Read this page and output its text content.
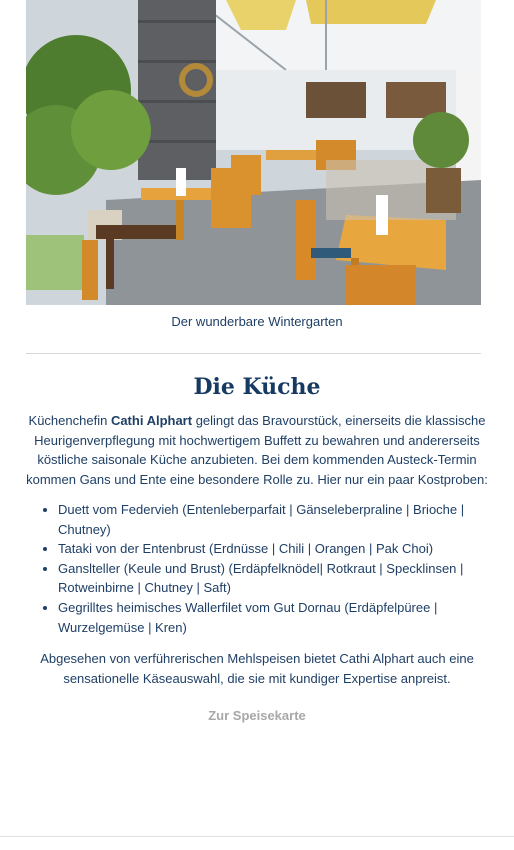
Der wunderbare Wintergarten
Die Küche

Küchenchefin Cathi Alphart gelingt das Bravourstück, einerseits die klassische Heurigenverpflegung mit hochwertigem Buffett zu bewahren und andererseits köstliche saisonale Küche anzubieten. Bei dem kommenden Austeck-Termin kommen Gans und Ente eine besondere Rolle zu. Hier nur ein paar Kostproben:

• Duett vom Federvieh (Entenleberparfait | Gänseleberpraline | Brioche | Chutney)
• Tataki von der Entenbrust (Erdnüsse | Chili | Orangen | Pak Choi)
• Ganslteller (Keule und Brust) (Erdäpfelknödel| Rotkraut | Specklinsen | Rotweinbirne | Chutney | Saft)
• Gegrilltes heimisches Wallerfilet vom Gut Dornau (Erdäpfelpüree | Wurzelgemüse | Kren)

Abgesehen von verführerischen Mehlspeisen bietet Cathi Alphart auch eine sensationelle Käseauswahl, die sie mit kundiger Expertise anpreist.

Zur Speisekarte
